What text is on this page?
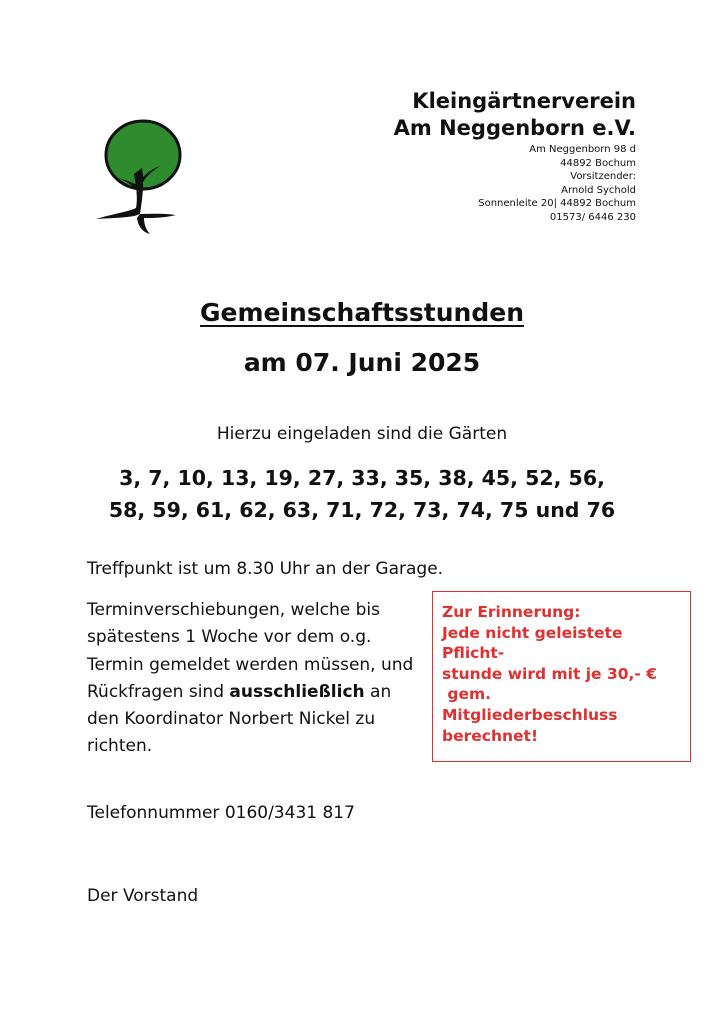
Kleingärtnerverein
Am Neggenborn e.V.
Am Neggenborn 98 d
44892 Bochum
Vorsitzender:
Arnold Sychold
Sonnenleite 20| 44892 Bochum
01573/ 6446 230
Gemeinschaftsstunden
am 07. Juni 2025
Hierzu eingeladen sind die Gärten
3, 7, 10, 13, 19, 27, 33, 35, 38, 45, 52, 56,
58, 59, 61, 62, 63, 71, 72, 73, 74, 75 und 76
Treffpunkt ist um 8.30 Uhr an der Garage.
Terminverschiebungen, welche bis spätestens 1 Woche vor dem o.g. Termin gemeldet werden müssen, und Rückfragen sind ausschließlich an den Koordinator Norbert Nickel zu richten.
Zur Erinnerung:
Jede nicht geleistete
Pflicht-
stunde wird mit je 30,- €
gem.
Mitgliederbeschluss
berechnet!
Telefonnummer 0160/3431 817
Der Vorstand
